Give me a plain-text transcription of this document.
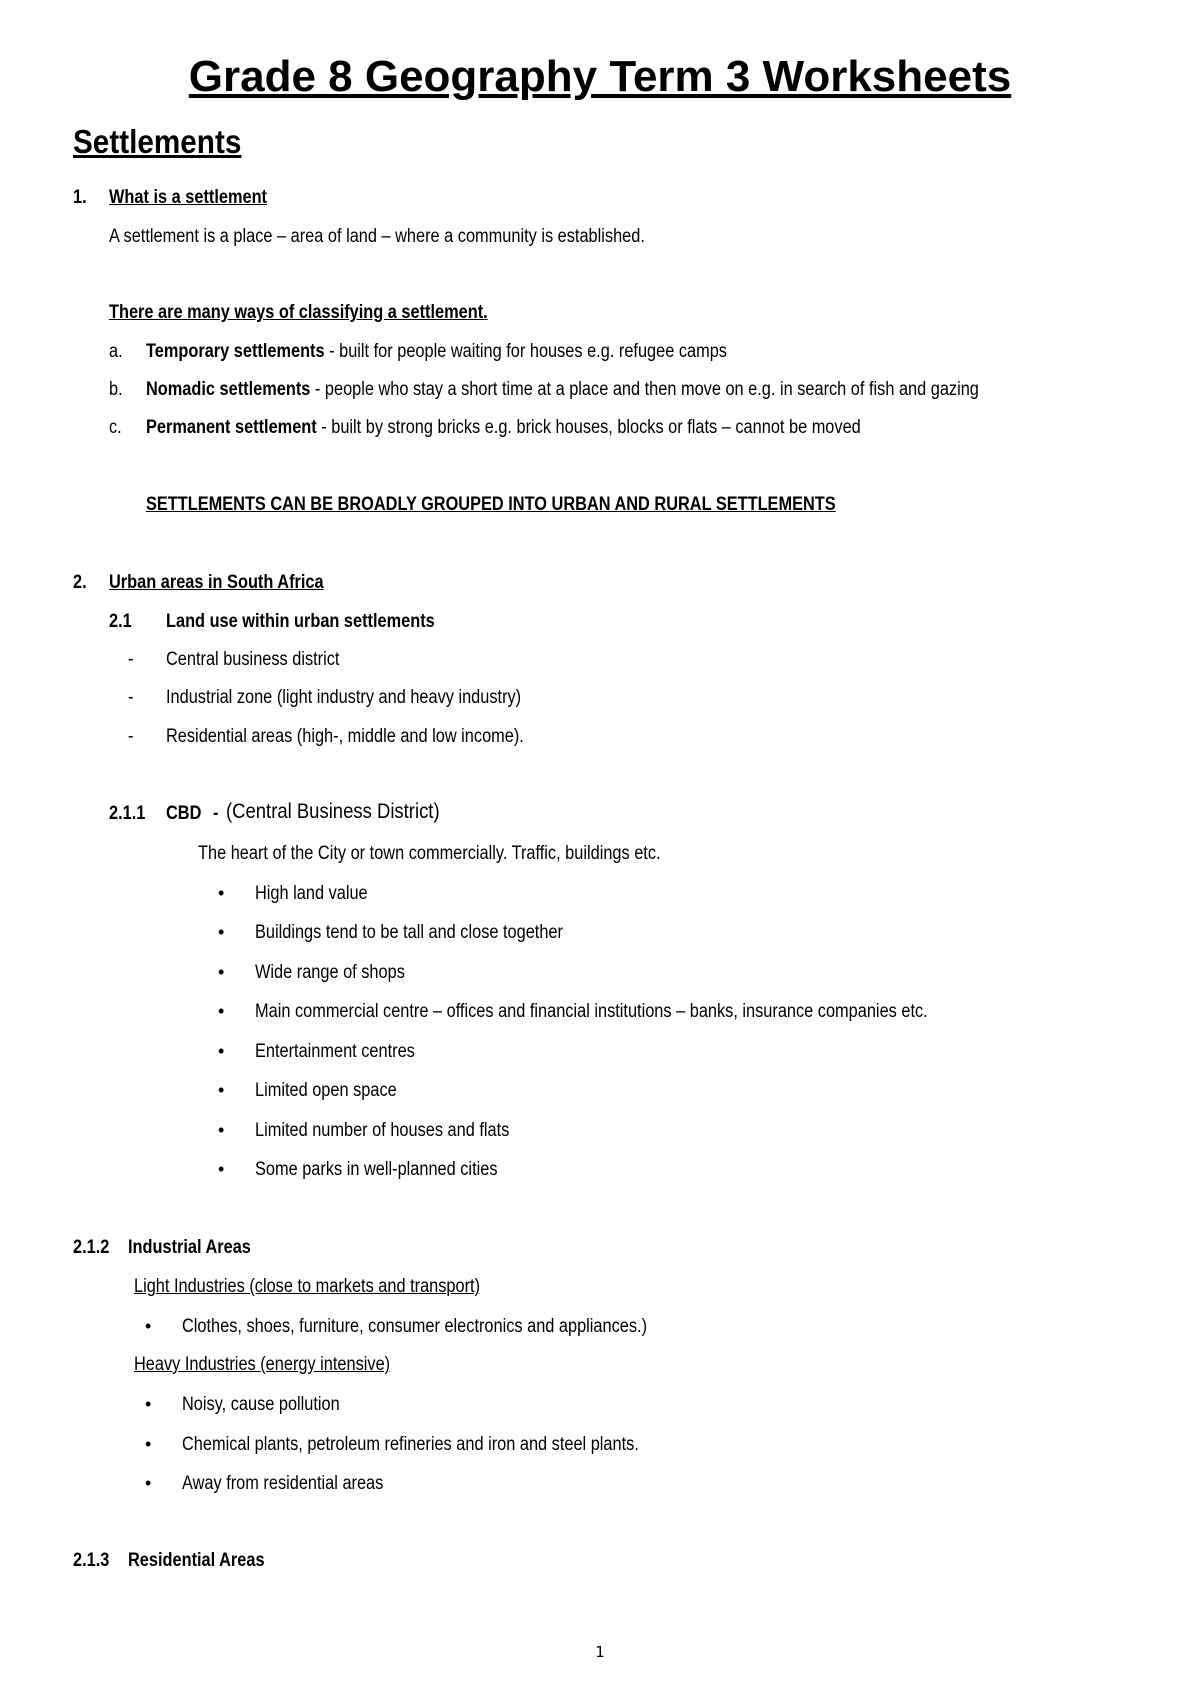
Grade 8 Geography Term 3 Worksheets
Settlements
1. What is a settlement
A settlement is a place – area of land – where a community is established.
There are many ways of classifying a settlement.
a. Temporary settlements - built for people waiting for houses e.g. refugee camps
b. Nomadic settlements - people who stay a short time at a place and then move on e.g. in search of fish and gazing
c. Permanent settlement - built by strong bricks e.g. brick houses, blocks or flats – cannot be moved
SETTLEMENTS CAN BE BROADLY GROUPED INTO URBAN AND RURAL SETTLEMENTS
2. Urban areas in South Africa
2.1 Land use within urban settlements
- Central business district
- Industrial zone (light industry and heavy industry)
- Residential areas (high-, middle and low income).
2.1.1 CBD - (Central Business District)
The heart of the City or town commercially. Traffic, buildings etc.
• High land value
• Buildings tend to be tall and close together
• Wide range of shops
• Main commercial centre – offices and financial institutions – banks, insurance companies etc.
• Entertainment centres
• Limited open space
• Limited number of houses and flats
• Some parks in well-planned cities
2.1.2 Industrial Areas
Light Industries (close to markets and transport)
• Clothes, shoes, furniture, consumer electronics and appliances.)
Heavy Industries (energy intensive)
• Noisy, cause pollution
• Chemical plants, petroleum refineries and iron and steel plants.
• Away from residential areas
2.1.3 Residential Areas
1
